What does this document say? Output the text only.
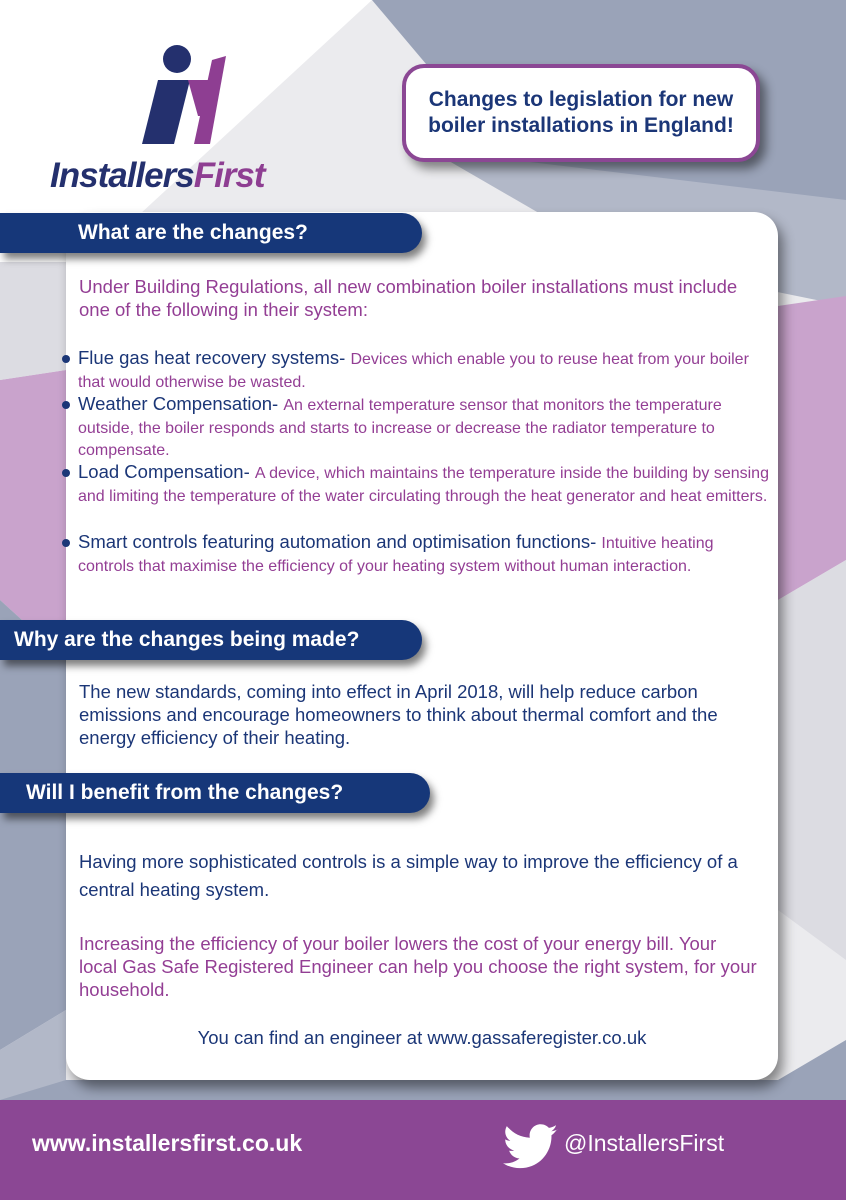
InstallersFirst
Changes to legislation for new boiler installations in England!
What are the changes?
Under Building Regulations, all new combination boiler installations must include one of the following in their system:
Flue gas heat recovery systems- Devices which enable you to reuse heat from your boiler that would otherwise be wasted.
Weather Compensation- An external temperature sensor that monitors the temperature outside, the boiler responds and starts to increase or decrease the radiator temperature to compensate.
Load Compensation- A device, which maintains the temperature inside the building by sensing and limiting the temperature of the water circulating through the heat generator and heat emitters.
Smart controls featuring automation and optimisation functions- Intuitive heating controls that maximise the efficiency of your heating system without human interaction.
Why are the changes being made?
The new standards, coming into effect in April 2018, will help reduce carbon emissions and encourage homeowners to think about thermal comfort and the energy efficiency of their heating.
Will I benefit from the changes?
Having more sophisticated controls is a simple way to improve the efficiency of a central heating system.
Increasing the efficiency of your boiler lowers the cost of your energy bill. Your local Gas Safe Registered Engineer can help you choose the right system, for your household.
You can find an engineer at www.gassaferegister.co.uk
www.installersfirst.co.uk	@InstallersFirst
